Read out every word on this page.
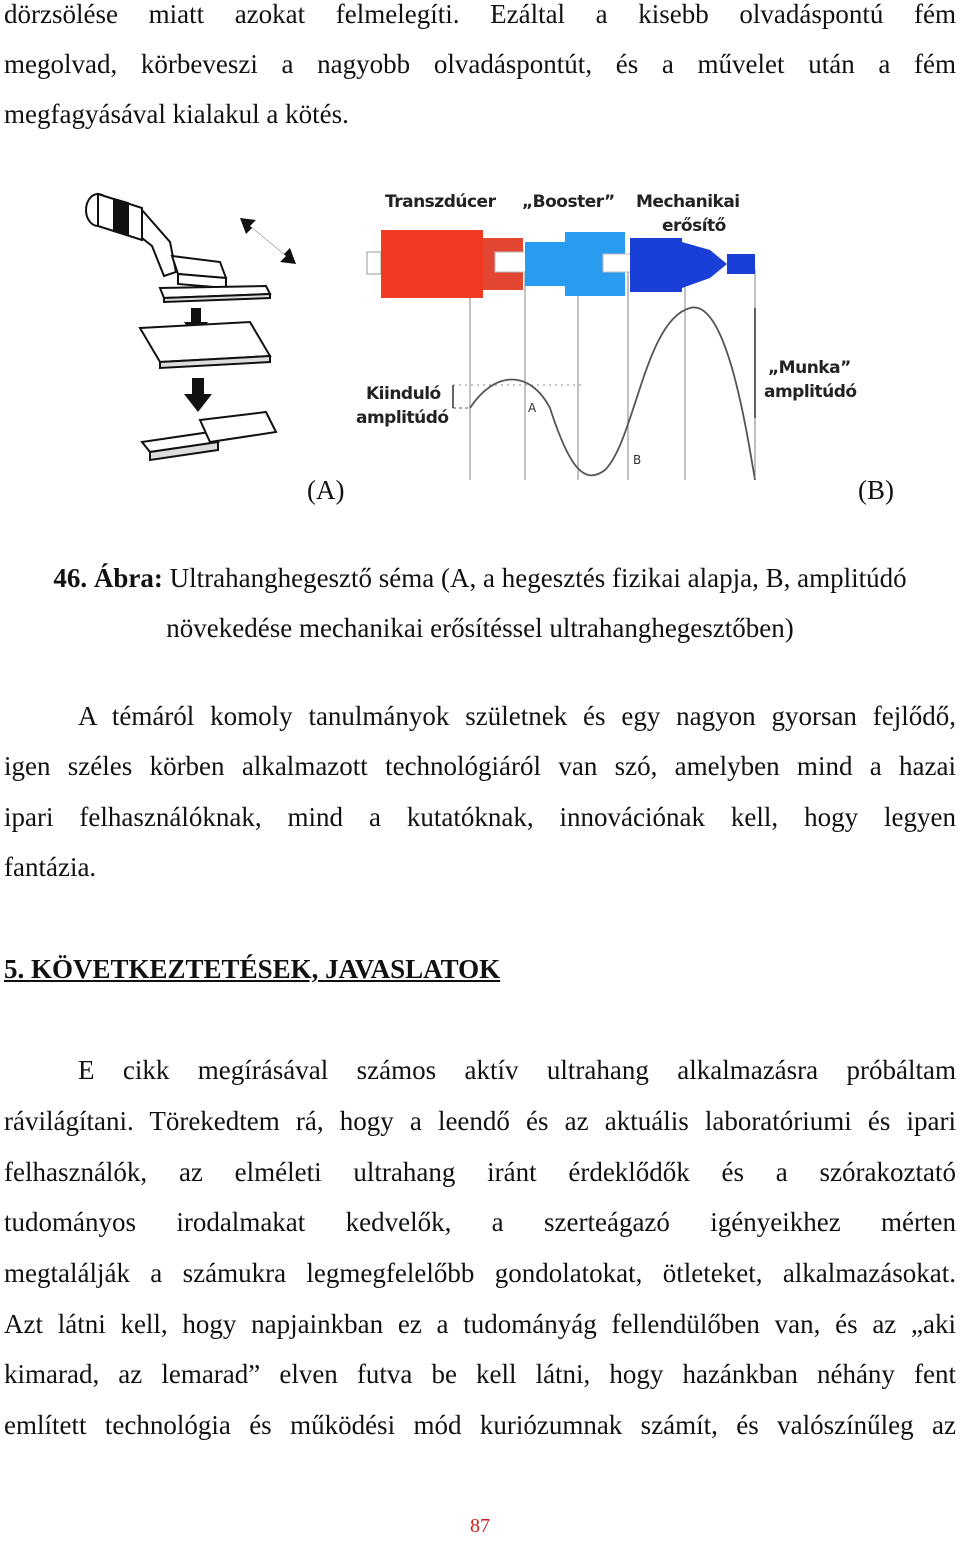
dörzsölése miatt azokat felmelegíti. Ezáltal a kisebb olvadáspontú fém
megolvad, körbeveszi a nagyobb olvadáspontút, és a művelet után a fém
megfagyásával kialakul a kötés.
A
B
Transzdúcer „Booster” Mechanikai
erősítő
„Munka”
amplitúdó
Kiinduló
amplitúdó
(A)	(B)
46. Ábra: Ultrahanghegesztő séma (A, a hegesztés fizikai alapja, B, amplitúdó
növekedése mechanikai erősítéssel ultrahanghegesztőben)
A témáról komoly tanulmányok születnek és egy nagyon gyorsan fejlődő,
igen széles körben alkalmazott technológiáról van szó, amelyben mind a hazai
ipari felhasználóknak, mind a kutatóknak, innovációnak kell, hogy legyen
fantázia.
5. KÖVETKEZTETÉSEK, JAVASLATOK
E cikk megírásával számos aktív ultrahang alkalmazásra próbáltam
rávilágítani. Törekedtem rá, hogy a leendő és az aktuális laboratóriumi és ipari
felhasználók, az elméleti ultrahang iránt érdeklődők és a szórakoztató
tudományos irodalmakat kedvelők, a szerteágazó igényeikhez mérten
megtalálják a számukra legmegfelelőbb gondolatokat, ötleteket, alkalmazásokat.
Azt látni kell, hogy napjainkban ez a tudományág fellendülőben van, és az „aki
kimarad, az lemarad” elven futva be kell látni, hogy hazánkban néhány fent
említett technológia és működési mód kuriózumnak számít, és valószínűleg az
87
